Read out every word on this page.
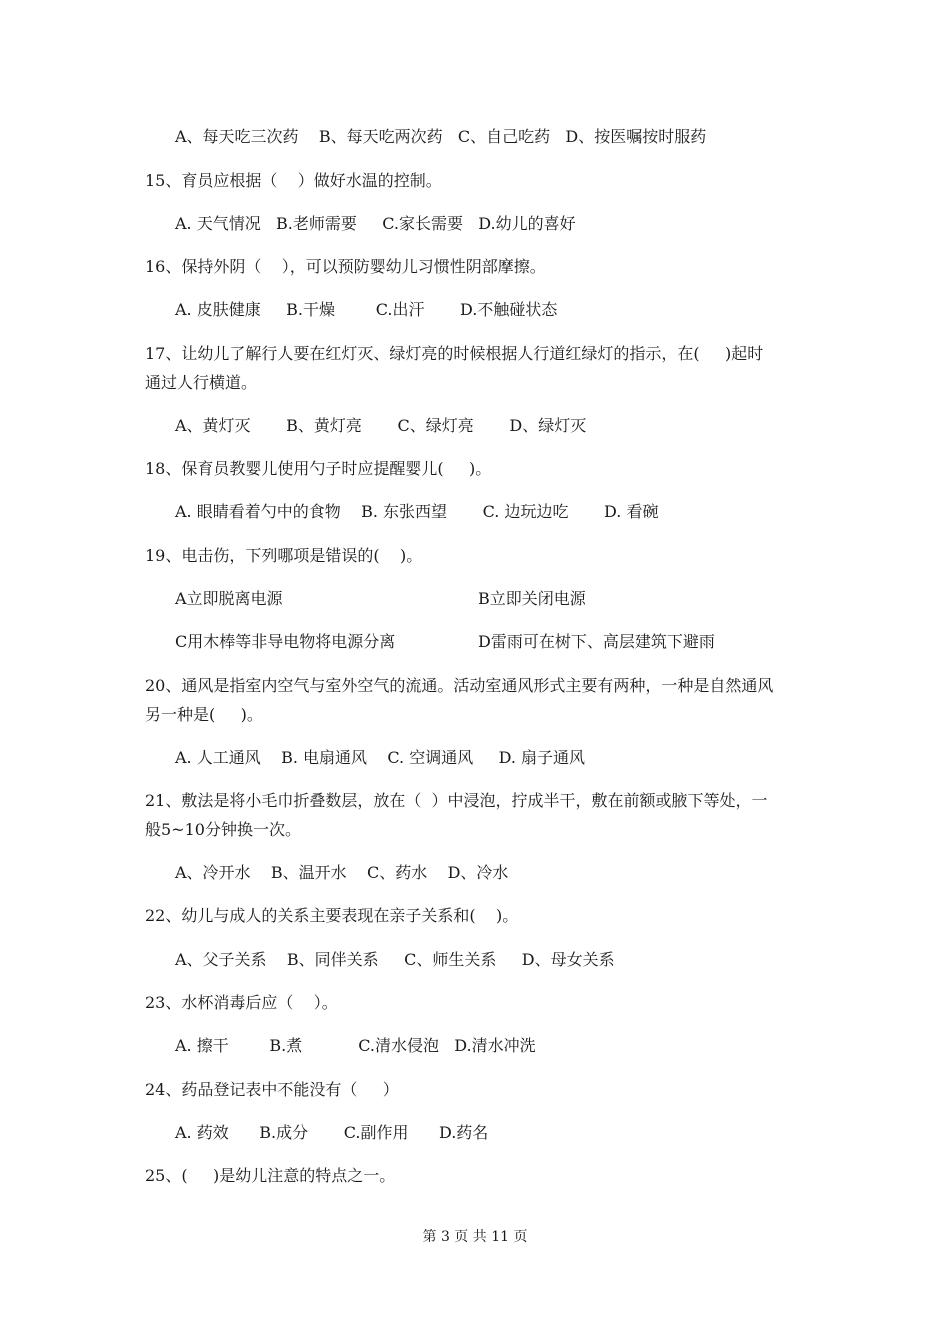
A、每天吃三次药    B、每天吃两次药   C、自己吃药   D、按医嘱按时服药
15、育员应根据（    ）做好水温的控制。
A. 天气情况   B.老师需要     C.家长需要   D.幼儿的喜好
16、保持外阴（    ），可以预防婴幼儿习惯性阴部摩擦。
A. 皮肤健康     B.干燥        C.出汗       D.不触碰状态
17、让幼儿了解行人要在红灯灭、绿灯亮的时候根据人行道红绿灯的指示，在(     )起时
通过人行横道。
A、黄灯灭       B、黄灯亮       C、绿灯亮       D、绿灯灭
18、保育员教婴儿使用勺子时应提醒婴儿(     )。
A. 眼睛看着勺中的食物    B. 东张西望       C. 边玩边吃       D. 看碗
19、电击伤，下列哪项是错误的(    )。
A立即脱离电源	B立即关闭电源
C用木棒等非导电物将电源分离	D雷雨可在树下、高层建筑下避雨
20、通风是指室内空气与室外空气的流通。活动室通风形式主要有两种，一种是自然通风
另一种是(     )。
A. 人工通风    B. 电扇通风    C. 空调通风     D. 扇子通风
21、敷法是将小毛巾折叠数层，放在（  ）中浸泡，拧成半干，敷在前额或腋下等处，一
般5~10分钟换一次。
A、冷开水    B、温开水    C、药水    D、冷水
22、幼儿与成人的关系主要表现在亲子关系和(    )。
A、父子关系    B、同伴关系     C、师生关系     D、母女关系
23、水杯消毒后应（    ）。
A. 擦干        B.煮           C.清水侵泡   D.清水冲洗
24、药品登记表中不能没有（     ）
A. 药效      B.成分       C.副作用      D.药名
25、(     )是幼儿注意的特点之一。
第 3 页 共 11 页
